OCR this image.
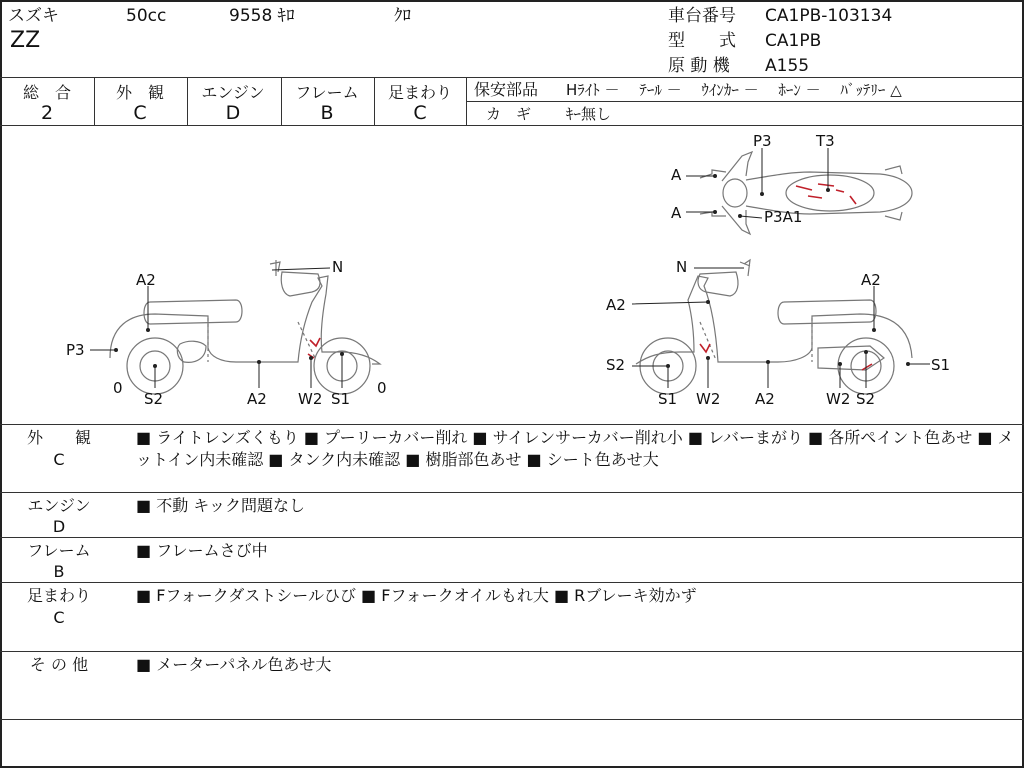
スズキ	50cc	9558 ｷﾛ	ｸﾛ
ZZ
車台番号 CA1PB-103134
型　　式 CA1PB
原 動 機 A155
総　合
2
外　観
C
エンジン
D
フレーム
B
足まわり
C
保安部品 Hﾗｲﾄ －　 ﾃｰﾙ －　 ｳｲﾝｶｰ －　 ﾎｰﾝ －　 ﾊﾞｯﾃﾘｰ △
カ　ギ ｷｰ無し
P3	T3
A
A	P3A1
A2
N
P3
0	0
S2	A2 W2 S1
N
A2
A2
S2	S1
S1 W2 A2	W2 S2
外　　観
C
■ ライトレンズくもり ■ プーリーカバー削れ ■ サイレンサーカバー削れ小 ■ レバーまがり ■ 各所ペイント色あせ ■ メットイン内未確認 ■ タンク内未確認 ■ 樹脂部色あせ ■ シート色あせ大
エンジン
D
■ 不動 キック問題なし
フレーム
B
■ フレームさび中
足まわり
C
■ Fフォークダストシールひび ■ Fフォークオイルもれ大 ■ Rブレーキ効かず
そ の 他	■ メーターパネル色あせ大
